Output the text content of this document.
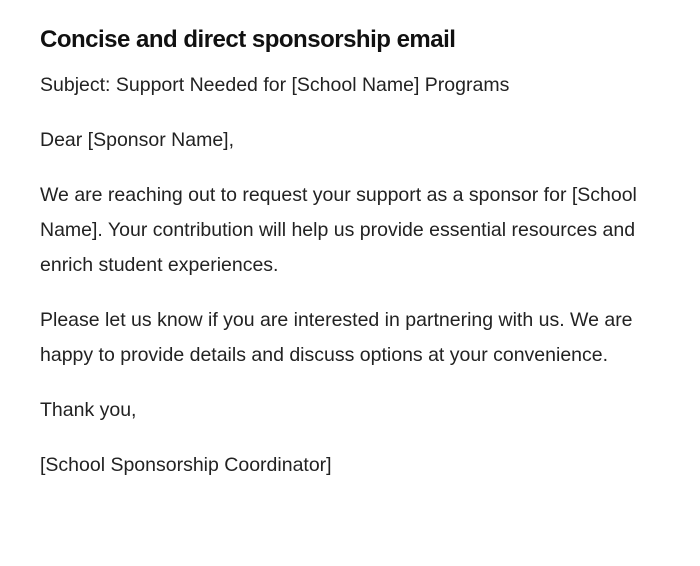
Concise and direct sponsorship email

Subject: Support Needed for [School Name] Programs

Dear [Sponsor Name],

We are reaching out to request your support as a sponsor for [School Name]. Your contribution will help us provide essential resources and enrich student experiences.

Please let us know if you are interested in partnering with us. We are happy to provide details and discuss options at your convenience.

Thank you,

[School Sponsorship Coordinator]
